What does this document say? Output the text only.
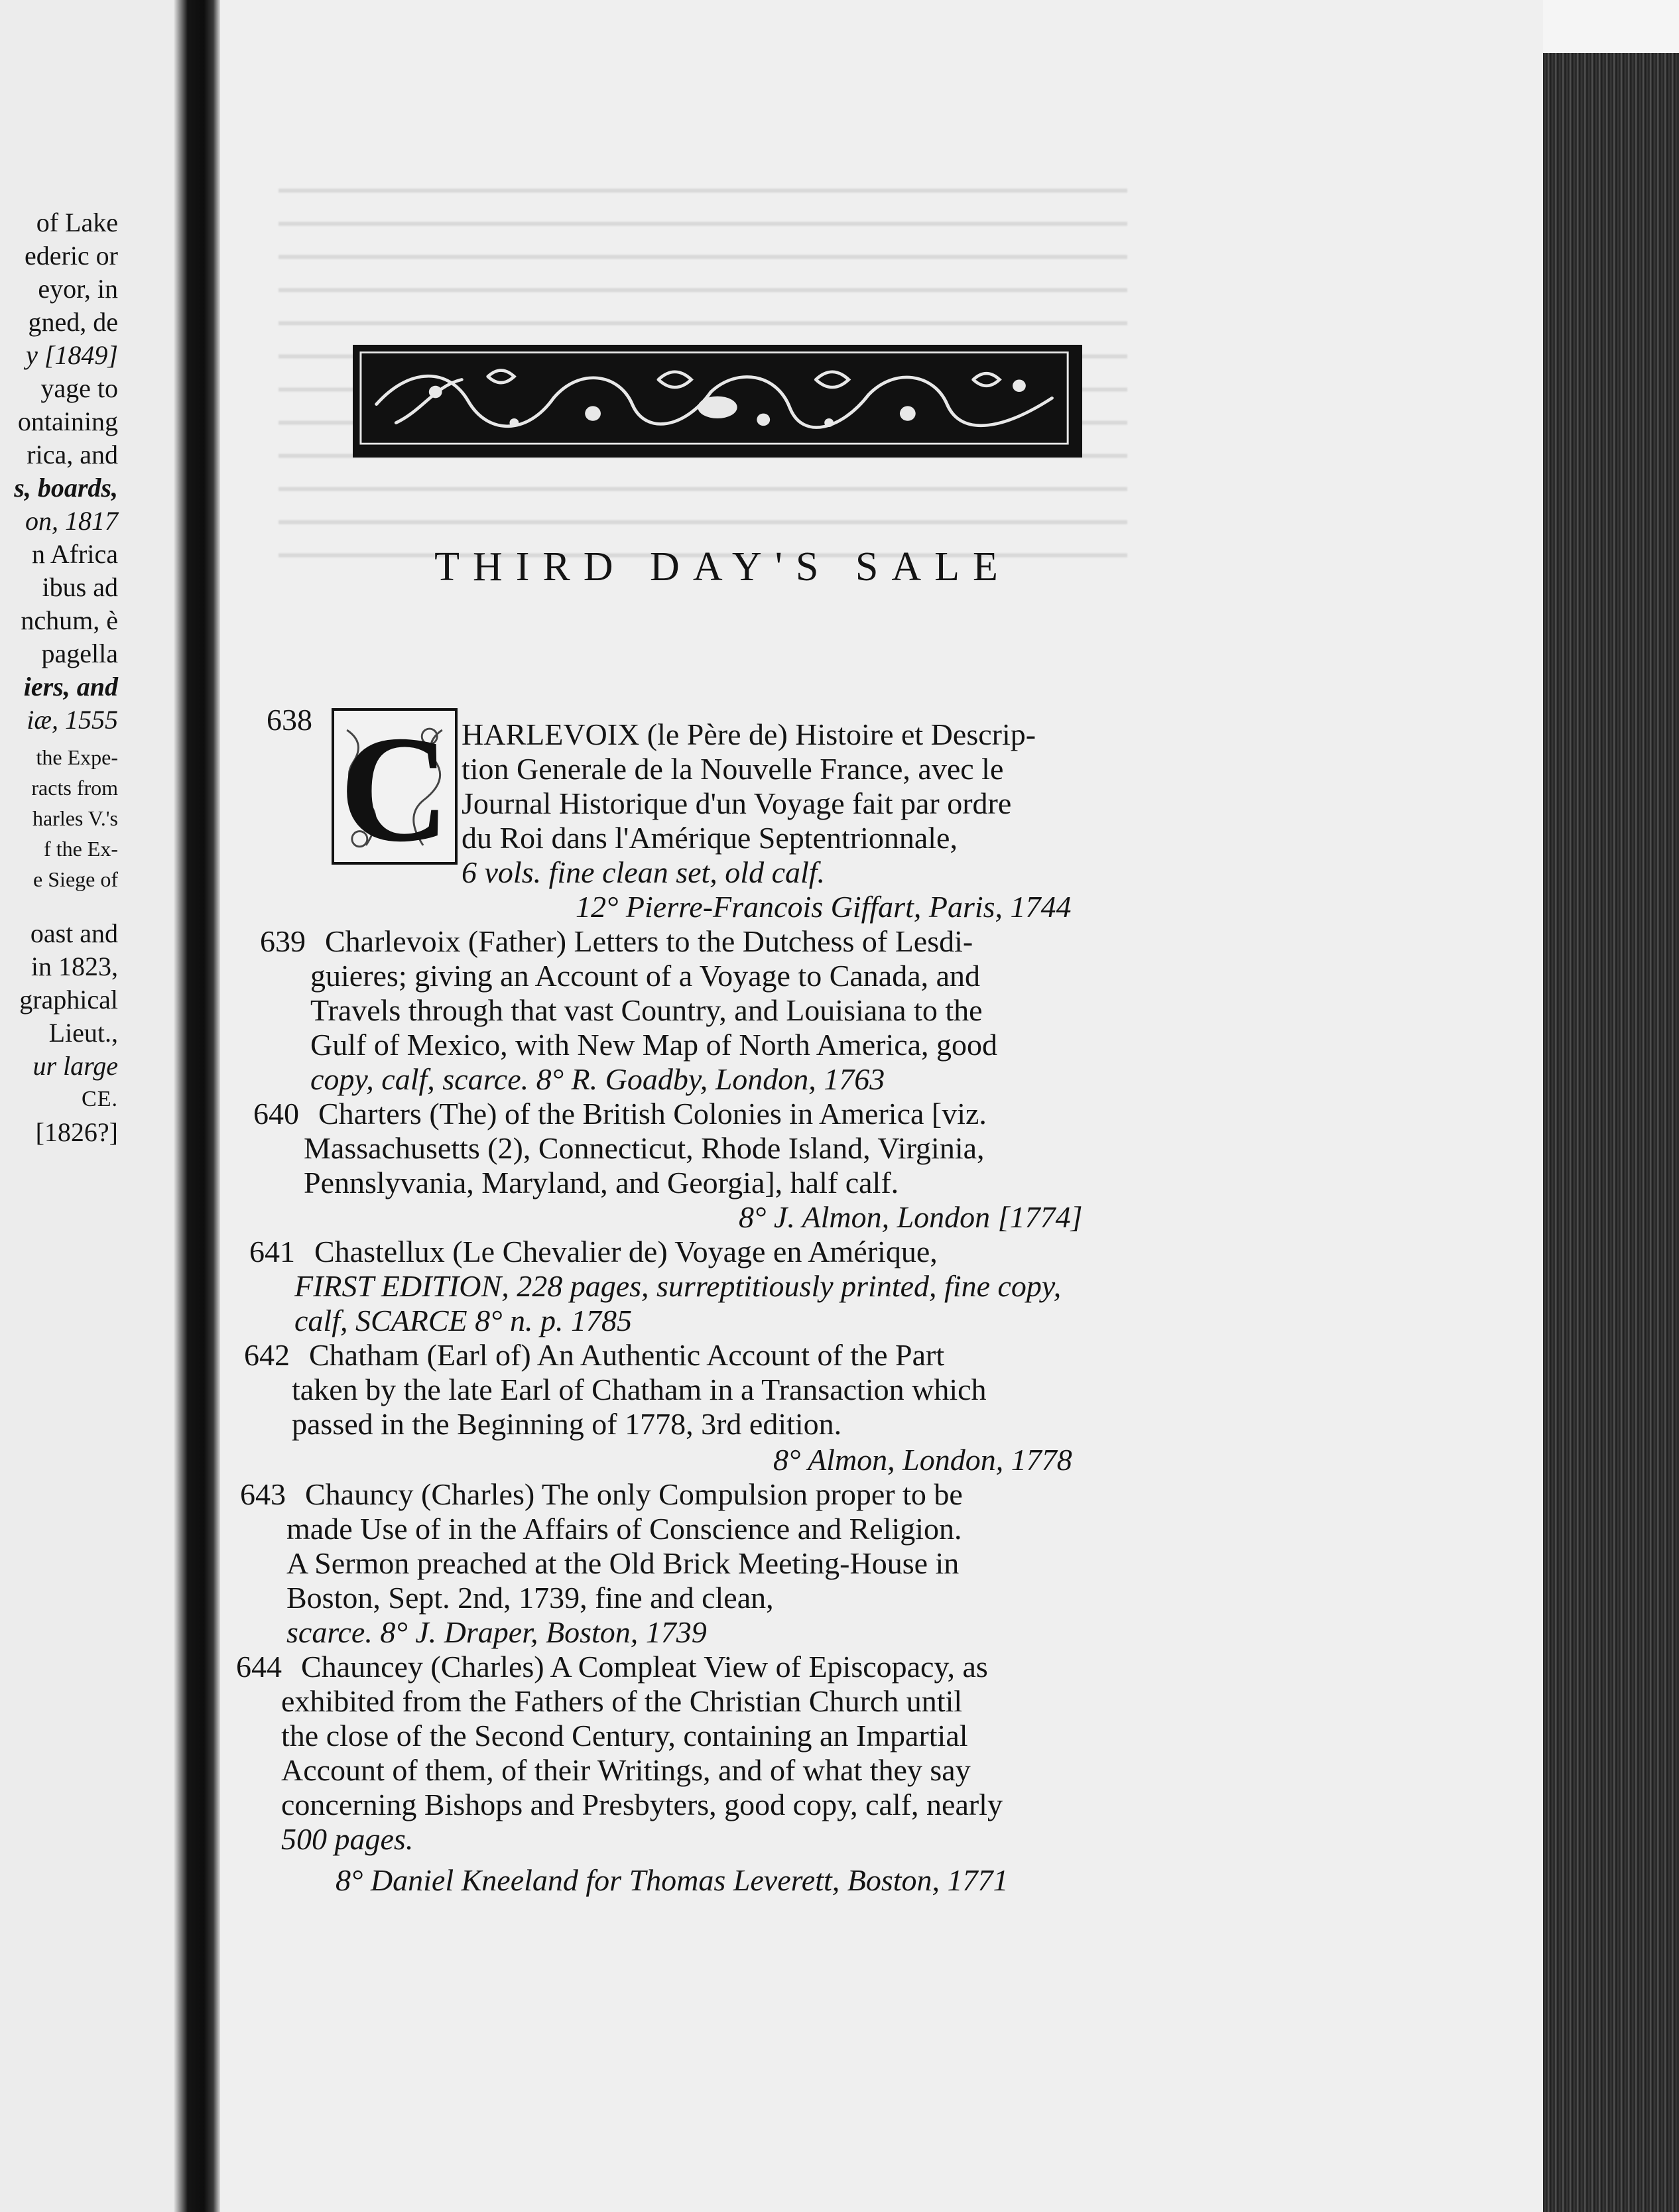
of Lake
ederic or
eyor, in
gned, de
y [1849]
yage to
ontaining
rica, and
s, boards,
on, 1817
n Africa
ibus ad
nchum, è
pagella
iers, and
iæ, 1555
the Expe-
racts from
harles V.'s
f the Ex-
e Siege of
oast and
in 1823,
graphical
Lieut.,
ur large
CE.
[1826?]
THIRD DAY'S SALE
638 C HARLEVOIX (le Père de) Histoire et Descrip-
tion Generale de la Nouvelle France, avec le
Journal Historique d'un Voyage fait par ordre
du Roi dans l'Amérique Septentrionnale,
6 vols. fine clean set, old calf.
12° Pierre-Francois Giffart, Paris, 1744
639 Charlevoix (Father) Letters to the Dutchess of Lesdi-
guieres; giving an Account of a Voyage to Canada, and
Travels through that vast Country, and Louisiana to the
Gulf of Mexico, with New Map of North America, good
copy, calf, scarce. 8° R. Goadby, London, 1763
640 Charters (The) of the British Colonies in America [viz.
Massachusetts (2), Connecticut, Rhode Island, Virginia,
Pennslyvania, Maryland, and Georgia], half calf.
8° J. Almon, London [1774]
641 Chastellux (Le Chevalier de) Voyage en Amérique,
FIRST EDITION, 228 pages, surreptitiously printed, fine copy,
calf, SCARCE 8° n. p. 1785
642 Chatham (Earl of) An Authentic Account of the Part
taken by the late Earl of Chatham in a Transaction which
passed in the Beginning of 1778, 3rd edition.
8° Almon, London, 1778
643 Chauncy (Charles) The only Compulsion proper to be
made Use of in the Affairs of Conscience and Religion.
A Sermon preached at the Old Brick Meeting-House in
Boston, Sept. 2nd, 1739, fine and clean,
scarce. 8° J. Draper, Boston, 1739
644 Chauncey (Charles) A Compleat View of Episcopacy, as
exhibited from the Fathers of the Christian Church until
the close of the Second Century, containing an Impartial
Account of them, of their Writings, and of what they say
concerning Bishops and Presbyters, good copy, calf, nearly
500 pages.
8° Daniel Kneeland for Thomas Leverett, Boston, 1771
